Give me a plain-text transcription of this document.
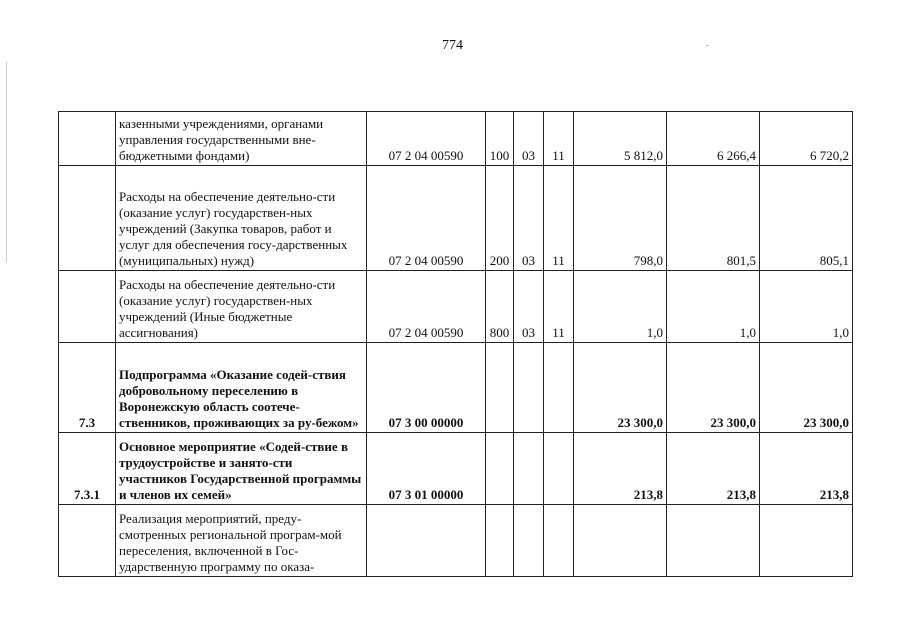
774
	казенными учреждениями, органами управления государственными вне-бюджетными фондами)	07 2 04 00590	100	03	11	5 812,0	6 266,4	6 720,2
	Расходы на обеспечение деятельно-сти (оказание услуг) государствен-ных учреждений (Закупка товаров, работ и услуг для обеспечения госу-дарственных (муниципальных) нужд)	07 2 04 00590	200	03	11	798,0	801,5	805,1
	Расходы на обеспечение деятельно-сти (оказание услуг) государствен-ных учреждений (Иные бюджетные ассигнования)	07 2 04 00590	800	03	11	1,0	1,0	1,0
7.3	Подпрограмма «Оказание содей-ствия добровольному переселению в Воронежскую область соотече-ственников, проживающих за ру-бежом»	07 3 00 00000				23 300,0	23 300,0	23 300,0
7.3.1	Основное мероприятие «Содей-ствие в трудоустройстве и занято-сти участников Государственной программы и членов их семей»	07 3 01 00000				213,8	213,8	213,8
	Реализация мероприятий, преду-смотренных региональной програм-мой переселения, включенной в Гос-ударственную программу по оказа-							
